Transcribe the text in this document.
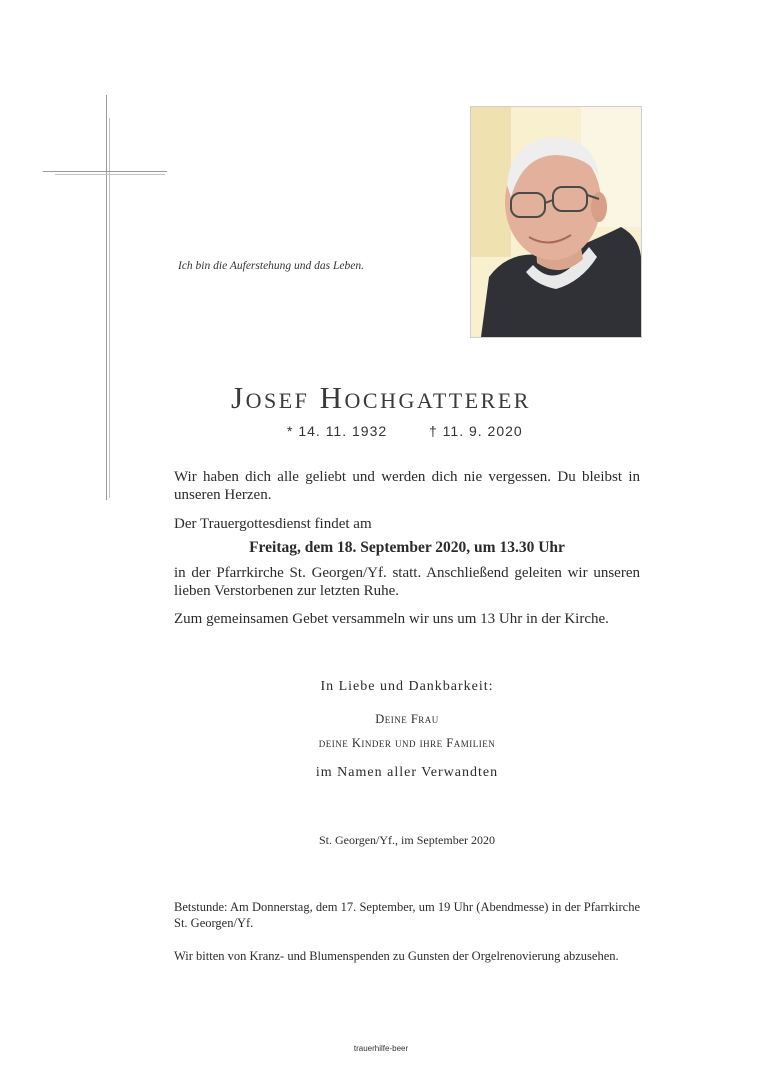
Ich bin die Auferstehung und das Leben.
Josef Hochgatterer
* 14. 11. 1932	† 11. 9. 2020
Wir haben dich alle geliebt und werden dich nie vergessen. Du bleibst in unseren Herzen.
Der Trauergottesdienst findet am
Freitag, dem 18. September 2020, um 13.30 Uhr
in der Pfarrkirche St. Georgen/Yf. statt. Anschließend geleiten wir unseren lieben Verstorbenen zur letzten Ruhe.
Zum gemeinsamen Gebet versammeln wir uns um 13 Uhr in der Kirche.
In Liebe und Dankbarkeit:
Deine Frau
deine Kinder und ihre Familien
im Namen aller Verwandten
St. Georgen/Yf., im September 2020
Betstunde: Am Donnerstag, dem 17. September, um 19 Uhr (Abendmesse) in der Pfarrkirche St. Georgen/Yf.
Wir bitten von Kranz- und Blumenspenden zu Gunsten der Orgelrenovierung abzusehen.
trauerhilfe-beer
